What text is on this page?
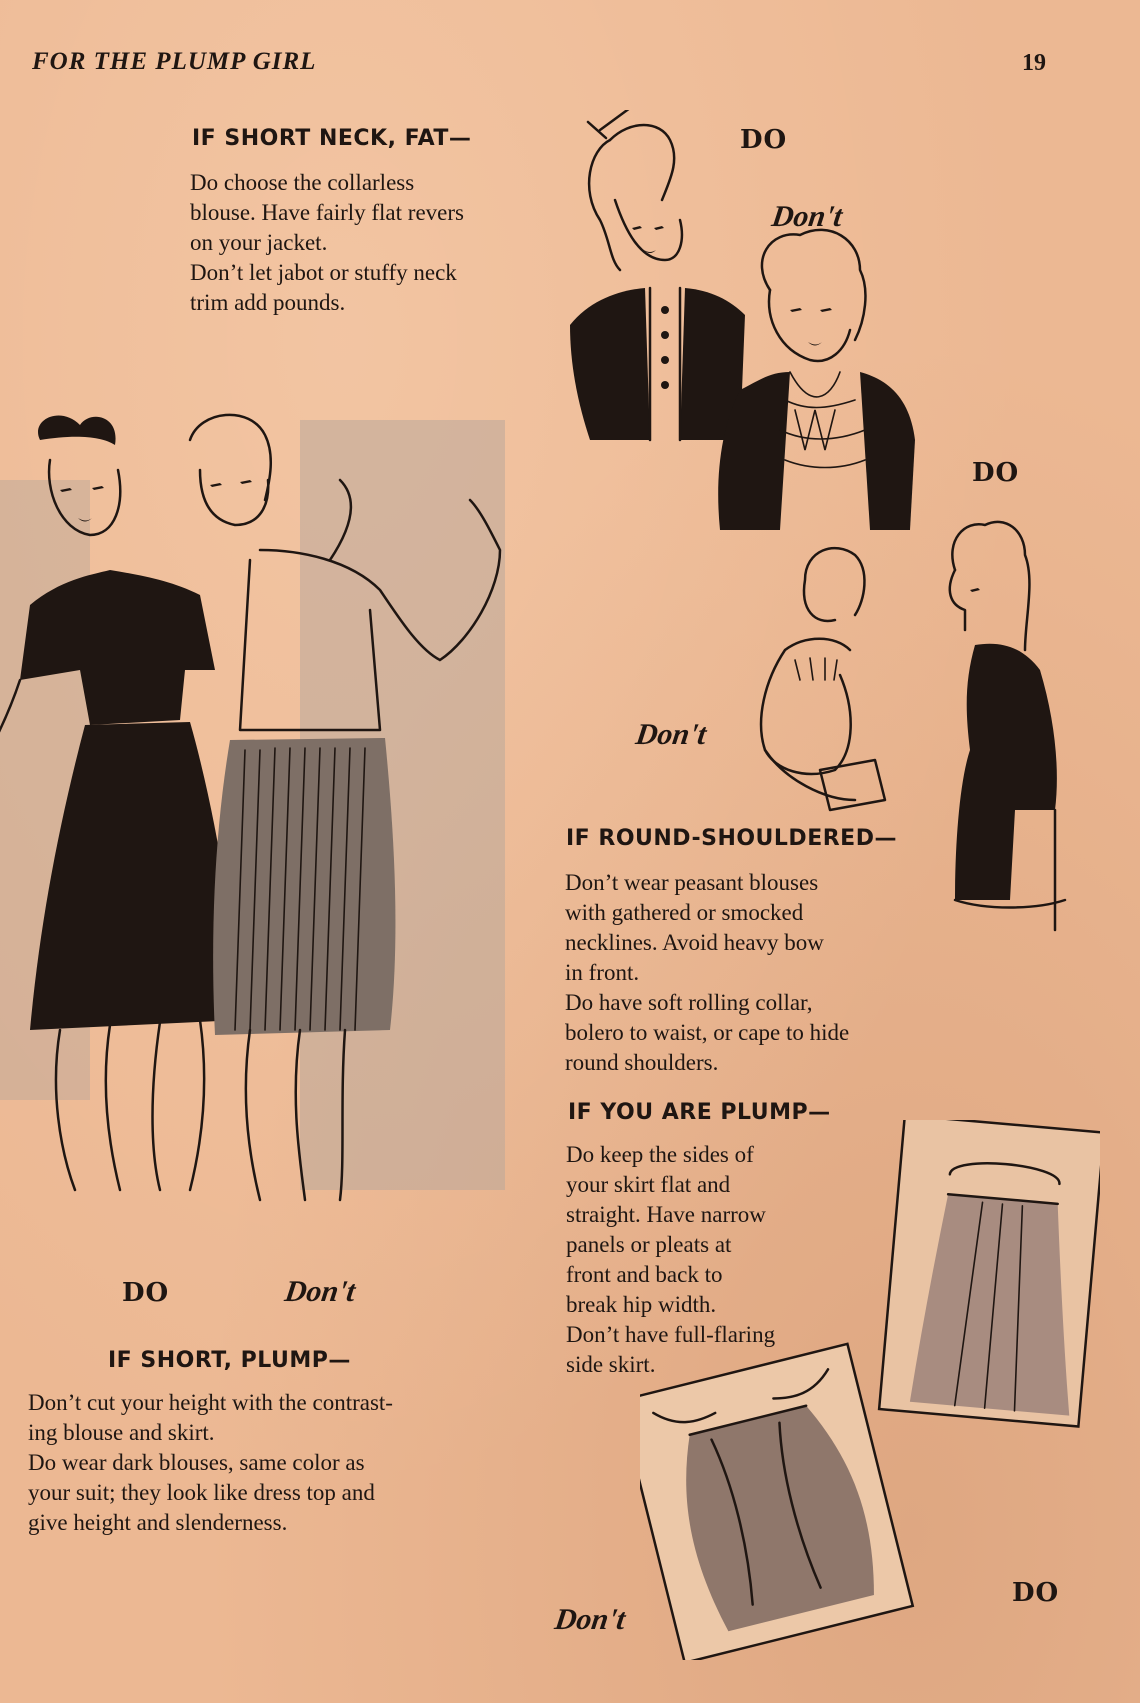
FOR THE PLUMP GIRL	19
DO
Don't
IF SHORT NECK, FAT—
Do choose the collarless
blouse. Have fairly flat revers
on your jacket.
Don’t let jabot or stuffy neck
trim add pounds.
DO	Don't
DO
Don't
IF ROUND-SHOULDERED—
Don’t wear peasant blouses
with gathered or smocked
necklines. Avoid heavy bow
in front.
Do have soft rolling collar,
bolero to waist, or cape to hide
round shoulders.
IF YOU ARE PLUMP—
Do keep the sides of
your skirt flat and
straight. Have narrow
panels or pleats at
front and back to
break hip width.
Don’t have full-flaring
side skirt.
Don't
DO
IF SHORT, PLUMP—
Don’t cut your height with the contrast-
ing blouse and skirt.
Do wear dark blouses, same color as
your suit; they look like dress top and
give height and slenderness.
